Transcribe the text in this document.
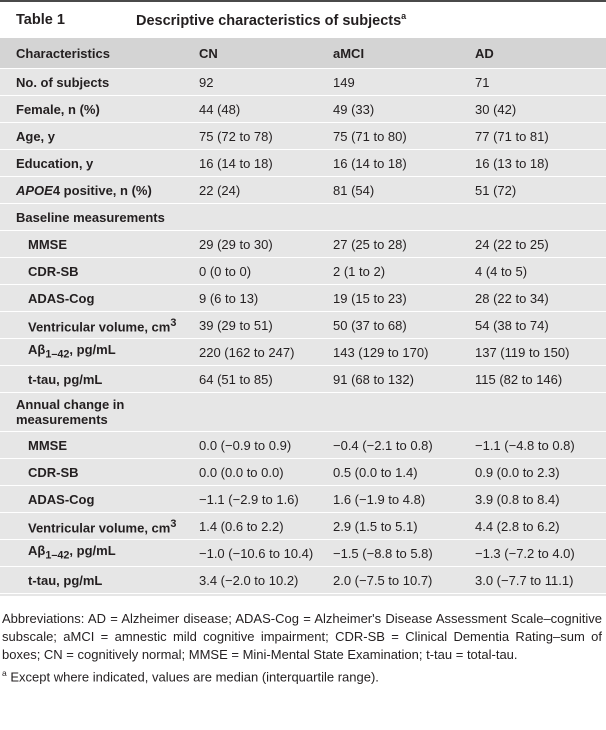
Table 1	Descriptive characteristics of subjects$^a$
Characteristics	CN	aMCI	AD
No. of subjects	92	149	71
Female, n (%)	44 (48)	49 (33)	30 (42)
Age, y	75 (72 to 78)	75 (71 to 80)	77 (71 to 81)
Education, y	16 (14 to 18)	16 (14 to 18)	16 (13 to 18)
APOE4 positive, n (%)	22 (24)	81 (54)	51 (72)
Baseline measurements			
MMSE	29 (29 to 30)	27 (25 to 28)	24 (22 to 25)
CDR-SB	0 (0 to 0)	2 (1 to 2)	4 (4 to 5)
ADAS-Cog	9 (6 to 13)	19 (15 to 23)	28 (22 to 34)
Ventricular volume, $cm^3$	39 (29 to 51)	50 (37 to 68)	54 (38 to 74)
$A\beta_{1-42}$, pg/mL	220 (162 to 247)	143 (129 to 170)	137 (119 to 150)
t-tau, pg/mL	64 (51 to 85)	91 (68 to 132)	115 (82 to 146)
Annual change in measurements			
MMSE	0.0 (−0.9 to 0.9)	−0.4 (−2.1 to 0.8)	−1.1 (−4.8 to 0.8)
CDR-SB	0.0 (0.0 to 0.0)	0.5 (0.0 to 1.4)	0.9 (0.0 to 2.3)
ADAS-Cog	−1.1 (−2.9 to 1.6)	1.6 (−1.9 to 4.8)	3.9 (0.8 to 8.4)
Ventricular volume, $cm^3$	1.4 (0.6 to 2.2)	2.9 (1.5 to 5.1)	4.4 (2.8 to 6.2)
$A\beta_{1-42}$, pg/mL	−1.0 (−10.6 to 10.4)	−1.5 (−8.8 to 5.8)	−1.3 (−7.2 to 4.0)
t-tau, pg/mL	3.4 (−2.0 to 10.2)	2.0 (−7.5 to 10.7)	3.0 (−7.7 to 11.1)

Abbreviations: AD = Alzheimer disease; ADAS-Cog = Alzheimer's Disease Assessment Scale–cognitive subscale; aMCI = amnestic mild cognitive impairment; CDR-SB = Clinical Dementia Rating–sum of boxes; CN = cognitively normal; MMSE = Mini-Mental State Examination; t-tau = total-tau.

$^a$ Except where indicated, values are median (interquartile range).
